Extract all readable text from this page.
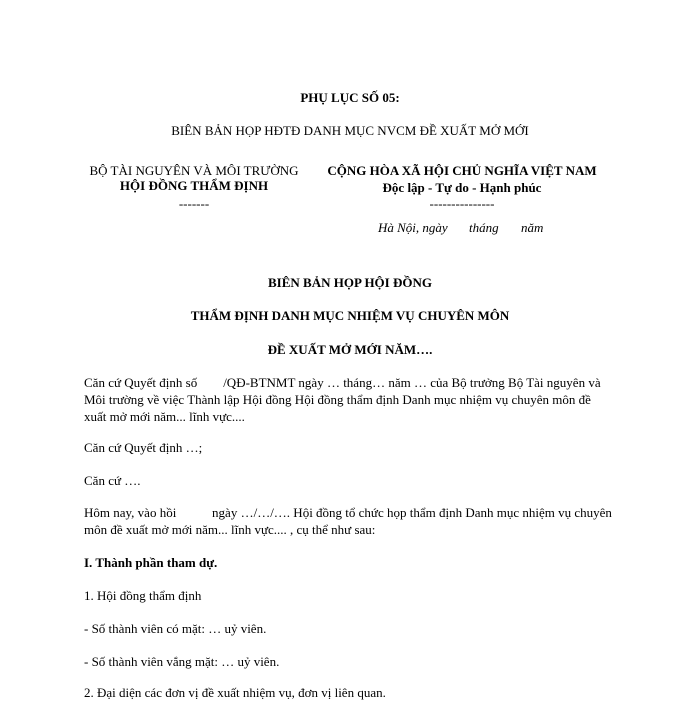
PHỤ LỤC SỐ 05:
BIÊN BẢN HỌP HĐTĐ DANH MỤC NVCM ĐỀ XUẤT MỞ MỚI
BỘ TÀI NGUYÊN VÀ MÔI TRƯỜNG
HỘI ĐỒNG THẨM ĐỊNH
-------
CỘNG HÒA XÃ HỘI CHỦ NGHĨA VIỆT NAM
Độc lập - Tự do - Hạnh phúc
---------------
Hà Nội, ngày tháng năm
BIÊN BẢN HỌP HỘI ĐỒNG
THẨM ĐỊNH DANH MỤC NHIỆM VỤ CHUYÊN MÔN
ĐỀ XUẤT MỞ MỚI NĂM….
Căn cứ Quyết định số        /QĐ-BTNMT ngày … tháng… năm … của Bộ trưởng Bộ Tài nguyên và Môi trường về việc Thành lập Hội đồng Hội đồng thẩm định Danh mục nhiệm vụ chuyên môn đề xuất mở mới năm... lĩnh vực....
Căn cứ Quyết định …;
Căn cứ ….
Hôm nay, vào hồi           ngày …/…/…. Hội đồng tổ chức họp thẩm định Danh mục nhiệm vụ chuyên môn đề xuất mở mới năm... lĩnh vực.... , cụ thể như sau:
I. Thành phần tham dự.
1. Hội đồng thẩm định
- Số thành viên có mặt: … uỷ viên.
- Số thành viên vắng mặt: … uỷ viên.
2. Đại diện các đơn vị đề xuất nhiệm vụ, đơn vị liên quan.
